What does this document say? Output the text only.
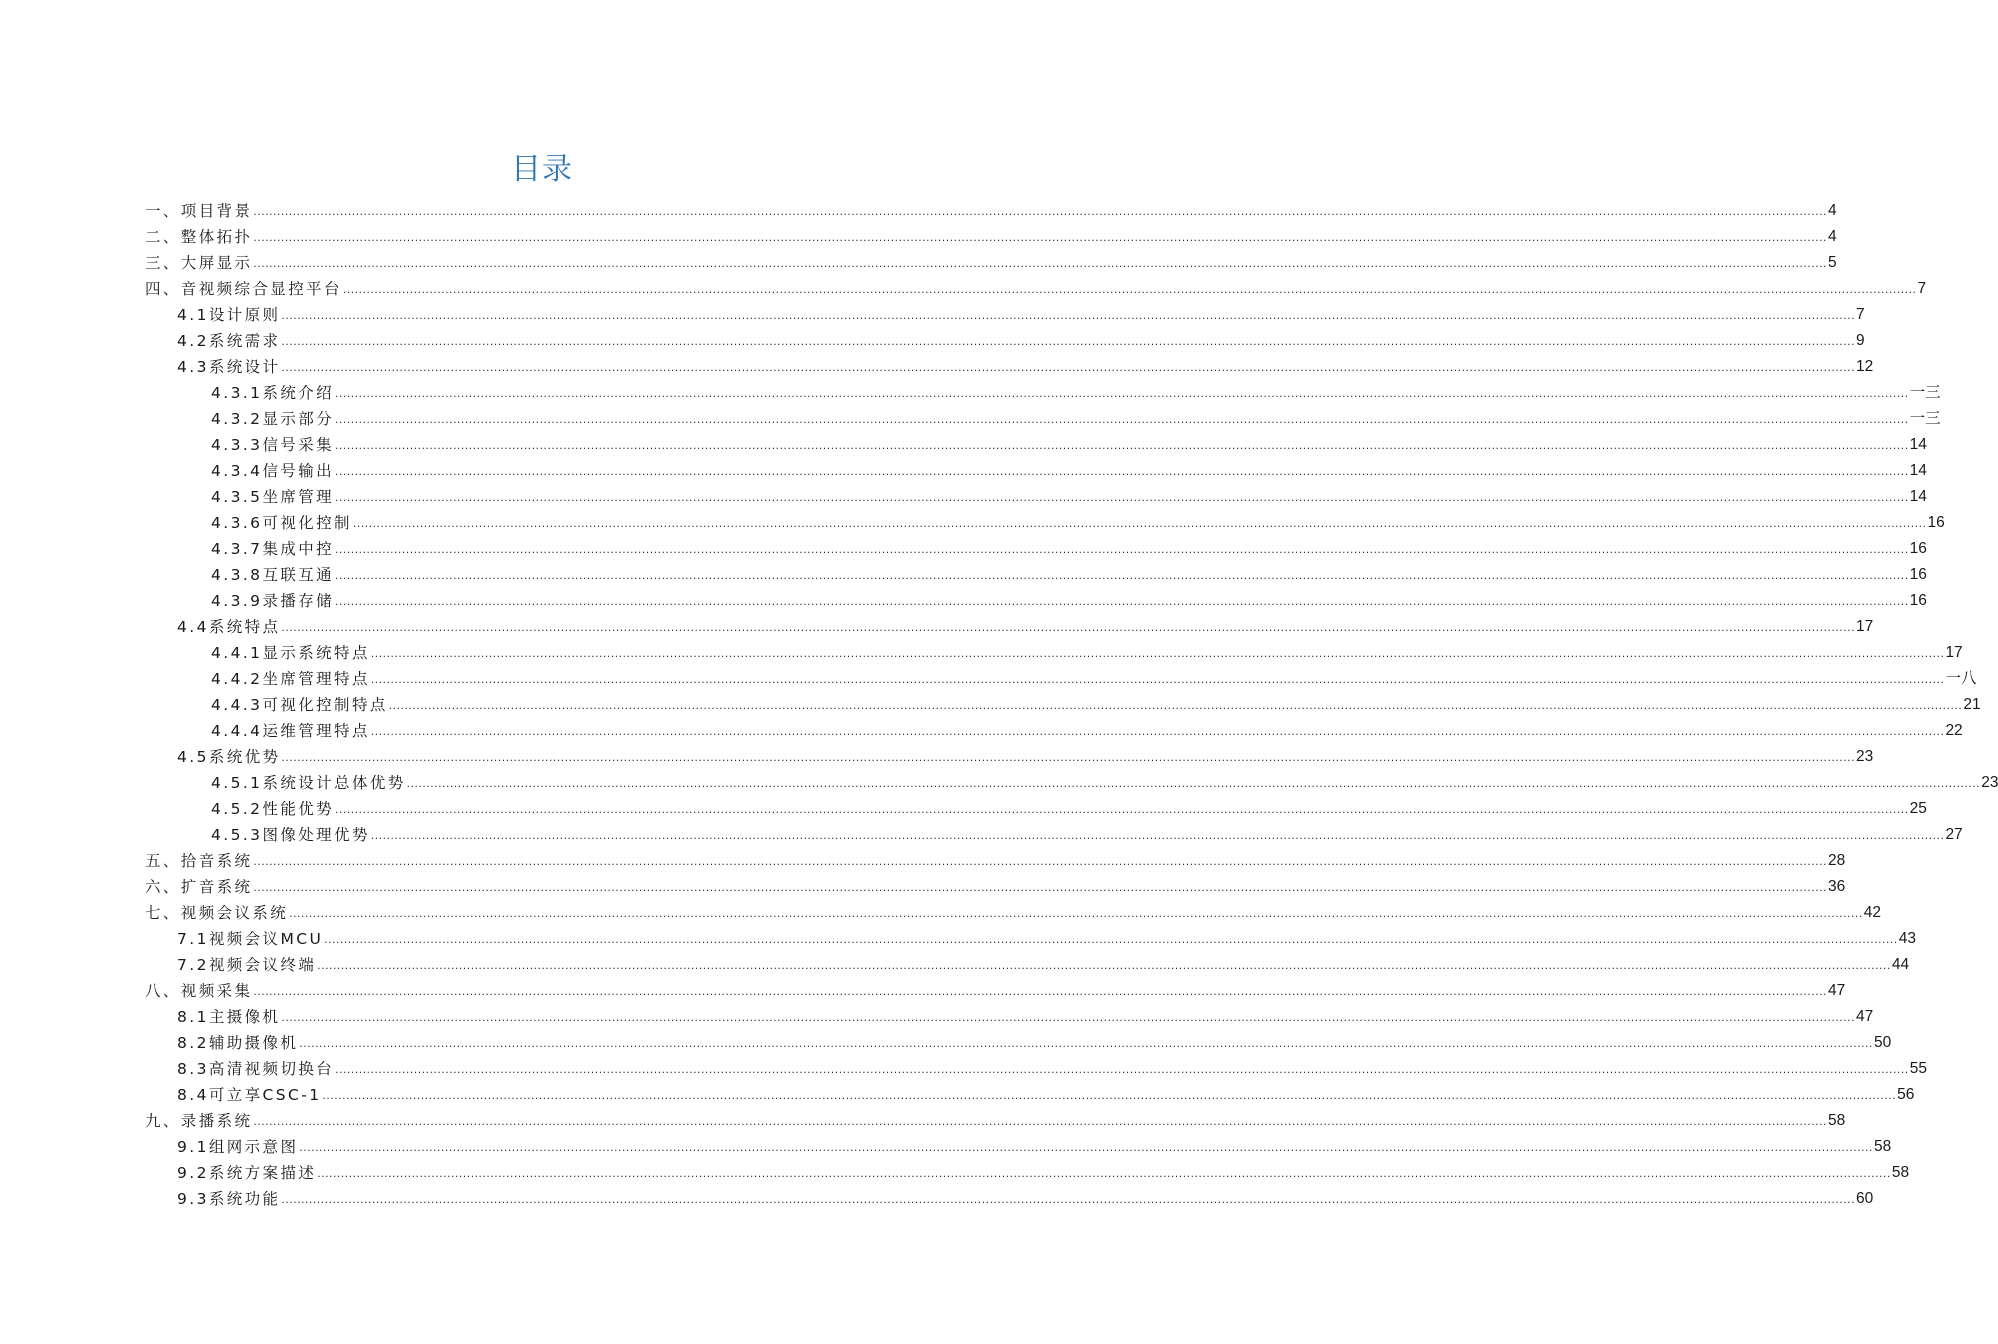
目录
一、项目背景 ................................................................................................................................................................................................................................................................................................................................................................................................................ 4
二、整体拓扑 ................................................................................................................................................................................................................................................................................................................................................................................................................ 4
三、大屏显示 ................................................................................................................................................................................................................................................................................................................................................................................................................ 5
四、音视频综合显控平台 ................................................................................................................................................................................................................................................................................................................................................................................................................ 7
4.1设计原则 ................................................................................................................................................................................................................................................................................................................................................................................................................ 7
4.2系统需求 ................................................................................................................................................................................................................................................................................................................................................................................................................ 9
4.3系统设计 ................................................................................................................................................................................................................................................................................................................................................................................................................ 12
4.3.1系统介绍 ................................................................................................................................................................................................................................................................................................................................................................................................................ 一三
4.3.2显示部分 ................................................................................................................................................................................................................................................................................................................................................................................................................ 一三
4.3.3信号采集 ................................................................................................................................................................................................................................................................................................................................................................................................................ 14
4.3.4信号输出 ................................................................................................................................................................................................................................................................................................................................................................................................................ 14
4.3.5坐席管理 ................................................................................................................................................................................................................................................................................................................................................................................................................ 14
4.3.6可视化控制 ................................................................................................................................................................................................................................................................................................................................................................................................................ 16
4.3.7集成中控 ................................................................................................................................................................................................................................................................................................................................................................................................................ 16
4.3.8互联互通 ................................................................................................................................................................................................................................................................................................................................................................................................................ 16
4.3.9录播存储 ................................................................................................................................................................................................................................................................................................................................................................................................................ 16
4.4系统特点 ................................................................................................................................................................................................................................................................................................................................................................................................................ 17
4.4.1显示系统特点 ................................................................................................................................................................................................................................................................................................................................................................................................................ 17
4.4.2坐席管理特点 ................................................................................................................................................................................................................................................................................................................................................................................................................ 一八
4.4.3可视化控制特点 ................................................................................................................................................................................................................................................................................................................................................................................................................ 21
4.4.4运维管理特点 ................................................................................................................................................................................................................................................................................................................................................................................................................ 22
4.5系统优势 ................................................................................................................................................................................................................................................................................................................................................................................................................ 23
4.5.1系统设计总体优势 ................................................................................................................................................................................................................................................................................................................................................................................................................ 23
4.5.2性能优势 ................................................................................................................................................................................................................................................................................................................................................................................................................ 25
4.5.3图像处理优势 ................................................................................................................................................................................................................................................................................................................................................................................................................ 27
五、拾音系统 ................................................................................................................................................................................................................................................................................................................................................................................................................ 28
六、扩音系统 ................................................................................................................................................................................................................................................................................................................................................................................................................ 36
七、视频会议系统 ................................................................................................................................................................................................................................................................................................................................................................................................................ 42
7.1视频会议MCU ................................................................................................................................................................................................................................................................................................................................................................................................................ 43
7.2视频会议终端 ................................................................................................................................................................................................................................................................................................................................................................................................................ 44
八、视频采集 ................................................................................................................................................................................................................................................................................................................................................................................................................ 47
8.1主摄像机 ................................................................................................................................................................................................................................................................................................................................................................................................................ 47
8.2辅助摄像机 ................................................................................................................................................................................................................................................................................................................................................................................................................ 50
8.3高清视频切换台 ................................................................................................................................................................................................................................................................................................................................................................................................................ 55
8.4可立享CSC-1 ................................................................................................................................................................................................................................................................................................................................................................................................................ 56
九、录播系统 ................................................................................................................................................................................................................................................................................................................................................................................................................ 58
9.1组网示意图 ................................................................................................................................................................................................................................................................................................................................................................................................................ 58
9.2系统方案描述 ................................................................................................................................................................................................................................................................................................................................................................................................................ 58
9.3系统功能 ................................................................................................................................................................................................................................................................................................................................................................................................................ 60
